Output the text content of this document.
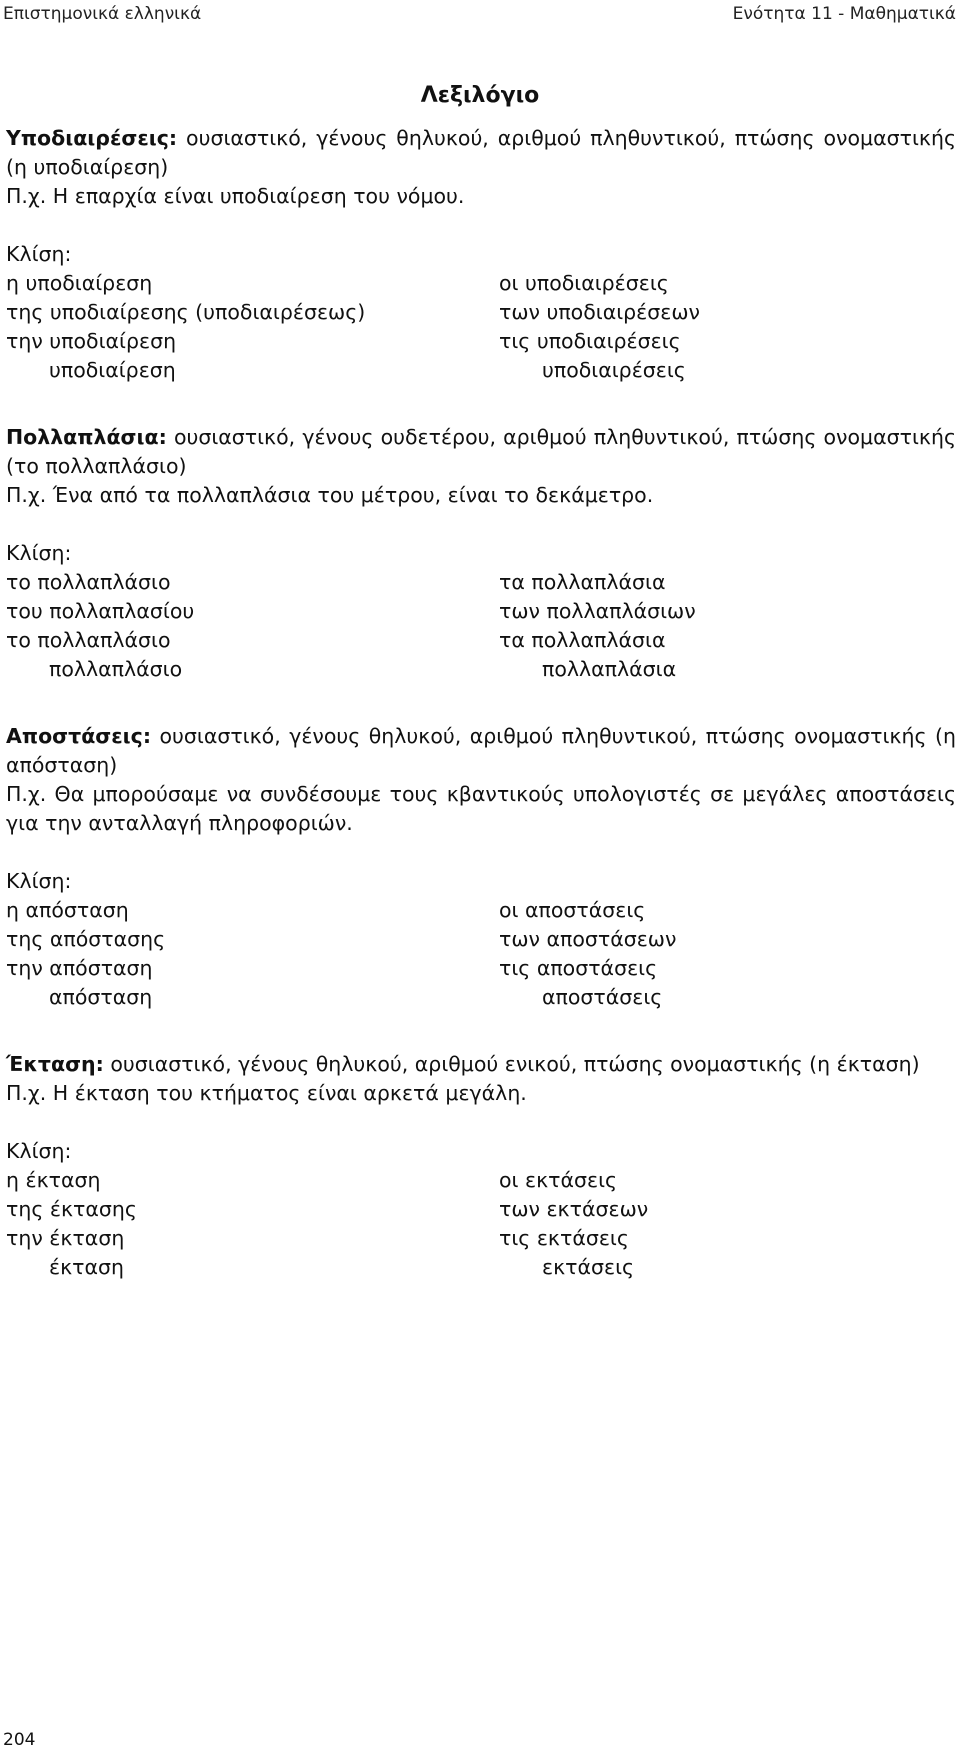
Επιστημονικά ελληνικά	Ενότητα 11 - Μαθηματικά
Λεξιλόγιο

Υποδιαιρέσεις: ουσιαστικό, γένους θηλυκού, αριθμού πληθυντικού, πτώσης ονομαστικής (η υποδιαίρεση)

Π.χ. Η επαρχία είναι υποδιαίρεση του νόμου.

Κλίση:
η υποδιαίρεση
της υποδιαίρεσης (υποδιαιρέσεως)
την υποδιαίρεση
υποδιαίρεση
οι υποδιαιρέσεις
των υποδιαιρέσεων
τις υποδιαιρέσεις
υποδιαιρέσεις

Πολλαπλάσια: ουσιαστικό, γένους ουδετέρου, αριθμού πληθυντικού, πτώσης ονομαστικής (το πολλαπλάσιο)

Π.χ. Ένα από τα πολλαπλάσια του μέτρου, είναι το δεκάμετρο.

Κλίση:
το πολλαπλάσιο
του πολλαπλασίου
το πολλαπλάσιο
πολλαπλάσιο
τα πολλαπλάσια
των πολλαπλάσιων
τα πολλαπλάσια
πολλαπλάσια

Αποστάσεις: ουσιαστικό, γένους θηλυκού, αριθμού πληθυντικού, πτώσης ονομαστικής (η απόσταση)

Π.χ. Θα μπορούσαμε να συνδέσουμε τους κβαντικούς υπολογιστές σε μεγάλες αποστάσεις για την ανταλλαγή πληροφοριών.

Κλίση:
η απόσταση
της απόστασης
την απόσταση
απόσταση
οι αποστάσεις
των αποστάσεων
τις αποστάσεις
αποστάσεις

Έκταση: ουσιαστικό, γένους θηλυκού, αριθμού ενικού, πτώσης ονομαστικής (η έκταση)

Π.χ. Η έκταση του κτήματος είναι αρκετά μεγάλη.

Κλίση:
η έκταση
της έκτασης
την έκταση
έκταση
οι εκτάσεις
των εκτάσεων
τις εκτάσεις
εκτάσεις
204
